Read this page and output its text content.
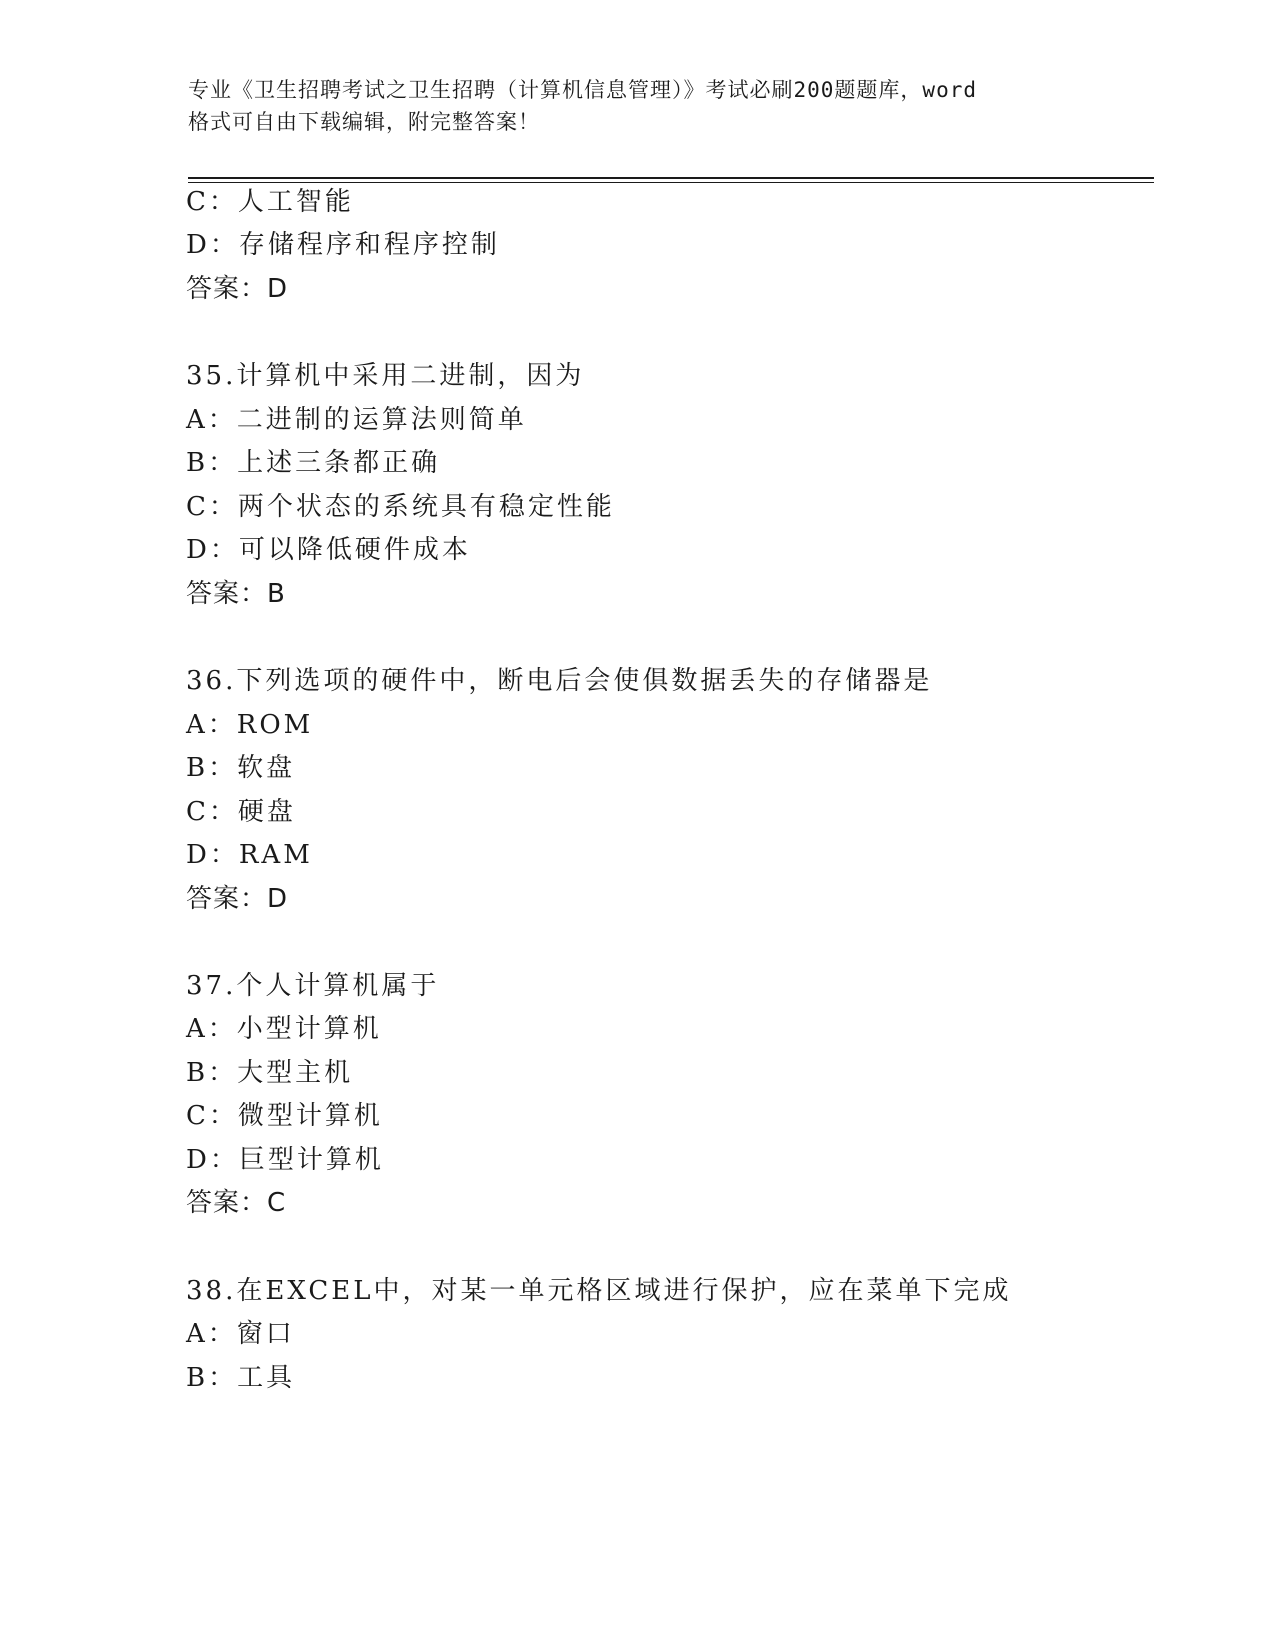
专业《卫生招聘考试之卫生招聘（计算机信息管理）》考试必刷200题题库，word
格式可自由下载编辑，附完整答案！
C：人工智能
D：存储程序和程序控制
答案：D
35.计算机中采用二进制，因为
A：二进制的运算法则简单
B：上述三条都正确
C：两个状态的系统具有稳定性能
D：可以降低硬件成本
答案：B
36.下列选项的硬件中，断电后会使俱数据丢失的存储器是
A：ROM
B：软盘
C：硬盘
D：RAM
答案：D
37.个人计算机属于
A：小型计算机
B：大型主机
C：微型计算机
D：巨型计算机
答案：C
38.在EXCEL中，对某一单元格区域进行保护，应在菜单下完成
A：窗口
B：工具
